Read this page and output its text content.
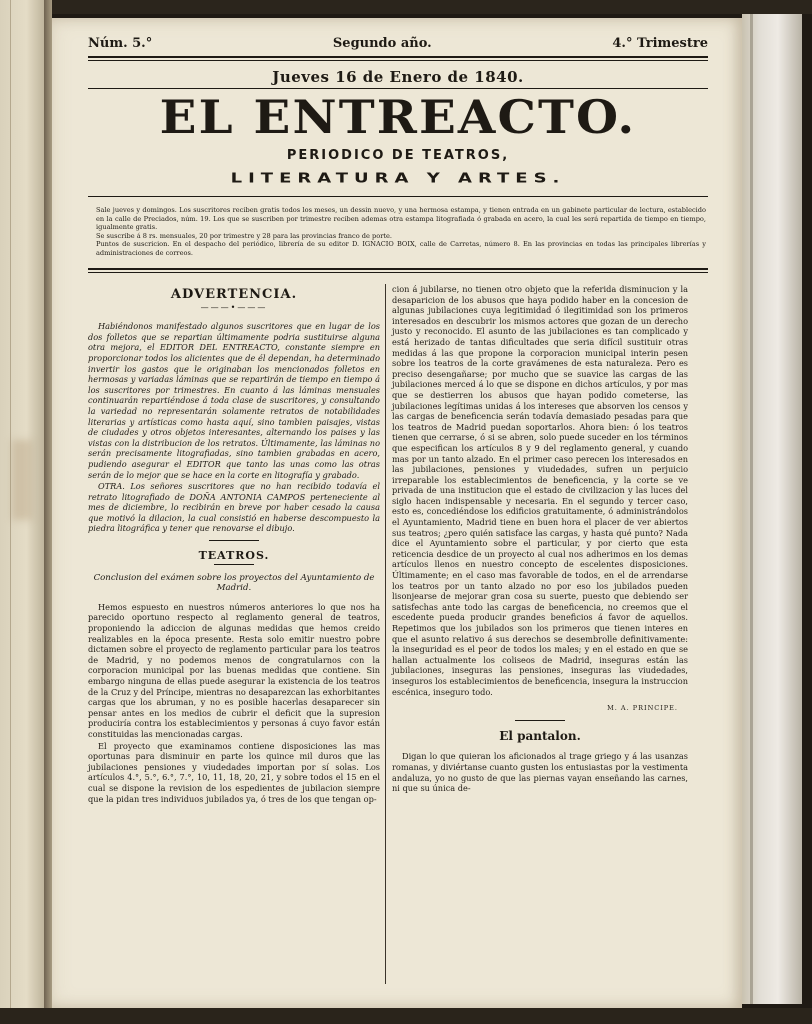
Núm. 5.°	Segundo año.	4.° Trimestre
Jueves 16 de Enero de 1840.
EL ENTREACTO.
PERIODICO DE TEATROS,
LITERATURA Y ARTES.

Sale jueves y domingos. Los suscritores reciben gratis todos los meses, un dessin nuevo, y una hermosa estampa, y tienen entrada en un gabinete particular de lectura, establecido en la calle de Preciados, núm. 19. Los que se suscriben por trimestre reciben ademas otra estampa litografiada ó grabada en acero, la cual les será repartida de tiempo en tiempo, igualmente gratis.

Se suscribe á 8 rs. mensuales, 20 por trimestre y 28 para las provincias franco de porte.

Puntos de suscricion. En el despacho del periódico, librería de su editor D. IGNACIO BOIX, calle de Carretas, número 8. En las provincias en todas las principales librerías y administraciones de correos.

ADVERTENCIA.
———•———

Habiéndonos manifestado algunos suscritores que en lugar de los dos folletos que se repartian últimamente podria sustituirse alguna otra mejora, el EDITOR DEL ENTREACTO, constante siempre en proporcionar todos los alicientes que de él dependan, ha determinado invertir los gastos que le originaban los mencionados folletos en hermosas y variadas láminas que se repartirán de tiempo en tiempo á los suscritores por trimestres. En cuanto á las láminas mensuales continuarán repartiéndose á toda clase de suscritores, y consultando la variedad no representarán solamente retratos de notabilidades literarias y artísticas como hasta aquí, sino tambien paisajes, vistas de ciudades y otros objetos interesantes, alternando los paises y las vistas con la distribucion de los retratos. Últimamente, las láminas no serán precisamente litografiadas, sino tambien grabadas en acero, pudiendo asegurar el EDITOR que tanto las unas como las otras serán de lo mejor que se hace en la corte en litografía y grabado.

OTRA. Los señores suscritores que no han recibido todavía el retrato litografiado de DOÑA ANTONIA CAMPOS perteneciente al mes de diciembre, lo recibirán en breve por haber cesado la causa que motivó la dilacion, la cual consistió en haberse descompuesto la piedra litográfica y tener que renovarse el dibujo.

TEATROS.

Conclusion del exámen sobre los proyectos del Ayuntamiento de Madrid.

Hemos espuesto en nuestros números anteriores lo que nos ha parecido oportuno respecto al reglamento general de teatros, proponiendo la adiccion de algunas medidas que hemos creido realizables en la época presente. Resta solo emitir nuestro pobre dictamen sobre el proyecto de reglamento particular para los teatros de Madrid, y no podemos menos de congratularnos con la corporacion municipal por las buenas medidas que contiene. Sin embargo ninguna de ellas puede asegurar la existencia de los teatros de la Cruz y del Príncipe, mientras no desaparezcan las exhorbitantes cargas que los abruman, y no es posible hacerlas desaparecer sin pensar antes en los medios de cubrir el deficit que la supresion produciría contra los establecimientos y personas á cuyo favor están constituidas las mencionadas cargas.

El proyecto que examinamos contiene disposiciones las mas oportunas para disminuir en parte los quince mil duros que las jubilaciones pensiones y viudedades importan por sí solas. Los artículos 4.°, 5.°, 6.°, 7.°, 10, 11, 18, 20, 21, y sobre todos el 15 en el cual se dispone la revision de los espedientes de jubilacion siempre que la pidan tres individuos jubilados ya, ó tres de los que tengan op-

cion á jubilarse, no tienen otro objeto que la referida disminucion y la desaparicion de los abusos que haya podido haber en la concesion de algunas jubilaciones cuya legitimidad ó ilegitimidad son los primeros interesados en descubrir los mismos actores que gozan de un derecho justo y reconocido. El asunto de las jubilaciones es tan complicado y está herizado de tantas dificultades que seria difícil sustituir otras medidas á las que propone la corporacion municipal interin pesen sobre los teatros de la corte gravámenes de esta naturaleza. Pero es preciso desengañarse; por mucho que se suavice las cargas de las jubilaciones merced á lo que se dispone en dichos artículos, y por mas que se destierren los abusos que hayan podido cometerse, las jubilaciones legítimas unidas á los intereses que absorven los censos y las cargas de beneficencia serán todavía demasiado pesadas para que los teatros de Madrid puedan soportarlos. Ahora bien: ó los teatros tienen que cerrarse, ó si se abren, solo puede suceder en los términos que especifican los artículos 8 y 9 del reglamento general, y cuando mas por un tanto alzado. En el primer caso perecen los interesados en las jubilaciones, pensiones y viudedades, sufren un perjuicio irreparable los establecimientos de beneficencia, y la corte se ve privada de una institucion que el estado de civilizacion y las luces del siglo hacen indispensable y necesaria. En el segundo y tercer caso, esto es, concediéndose los edificios gratuitamente, ó administrándolos el Ayuntamiento, Madrid tiene en buen hora el placer de ver abiertos sus teatros; ¿pero quién satisface las cargas, y hasta qué punto? Nada dice el Ayuntamiento sobre el particular, y por cierto que esta reticencia desdice de un proyecto al cual nos adherimos en los demas artículos llenos en nuestro concepto de escelentes disposiciones. Últimamente; en el caso mas favorable de todos, en el de arrendarse los teatros por un tanto alzado no por eso los jubilados pueden lisonjearse de mejorar gran cosa su suerte, puesto que debiendo ser satisfechas ante todo las cargas de beneficencia, no creemos que el escedente pueda producir grandes beneficios á favor de aquellos. Repetimos que los jubilados son los primeros que tienen interes en que el asunto relativo á sus derechos se desembrolle definitivamente: la inseguridad es el peor de todos los males; y en el estado en que se hallan actualmente los coliseos de Madrid, inseguras están las jubilaciones, inseguras las pensiones, inseguras las viudedades, inseguros los establecimientos de beneficencia, insegura la instruccion escénica, inseguro todo.

M. A. PRINCIPE.
El pantalon.

Digan lo que quieran los aficionados al trage griego y á las usanzas romanas, y diviértanse cuanto gusten los entusiastas por la vestimenta andaluza, yo no gusto de que las piernas vayan enseñando las carnes, ni que su única de-
